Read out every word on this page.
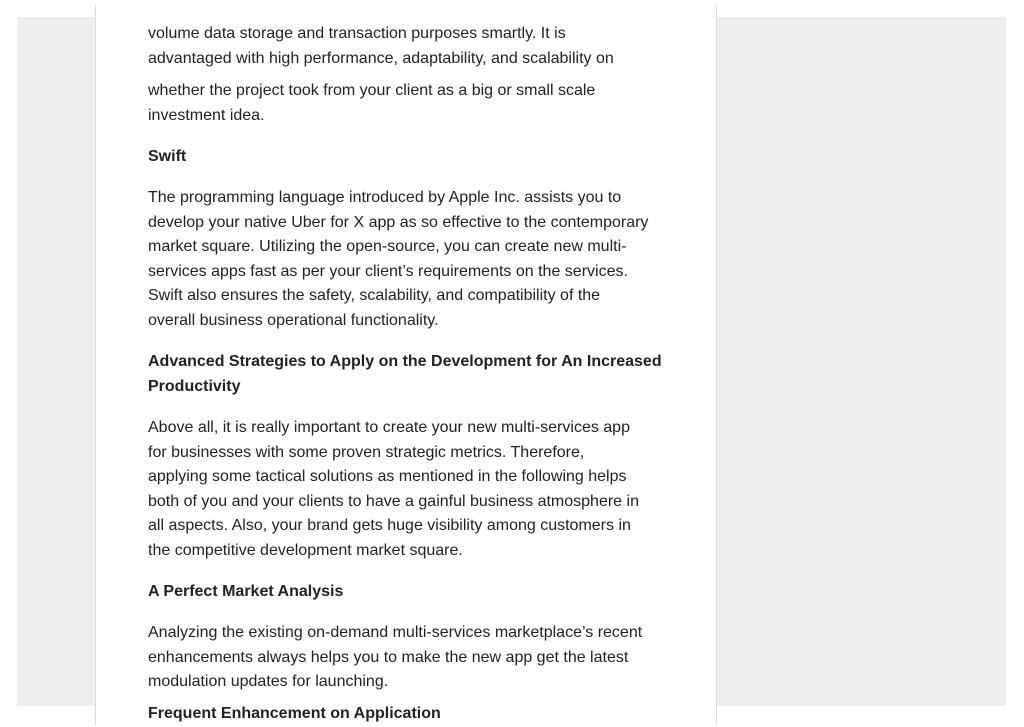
volume data storage and transaction purposes smartly. It is

advantaged with high performance, adaptability, and scalability on

whether the project took from your client as a big or small scale

investment idea.

Swift

The programming language introduced by Apple Inc. assists you to

develop your native Uber for X app as so effective to the contemporary

market square. Utilizing the open-source, you can create new multi-

services apps fast as per your client’s requirements on the services.

Swift also ensures the safety, scalability, and compatibility of the

overall business operational functionality.

Advanced Strategies to Apply on the Development for An Increased

Productivity

Above all, it is really important to create your new multi-services app

for businesses with some proven strategic metrics. Therefore,

applying some tactical solutions as mentioned in the following helps

both of you and your clients to have a gainful business atmosphere in

all aspects. Also, your brand gets huge visibility among customers in

the competitive development market square.

A Perfect Market Analysis

Analyzing the existing on-demand multi-services marketplace’s recent

enhancements always helps you to make the new app get the latest

modulation updates for launching.

Frequent Enhancement on Application
